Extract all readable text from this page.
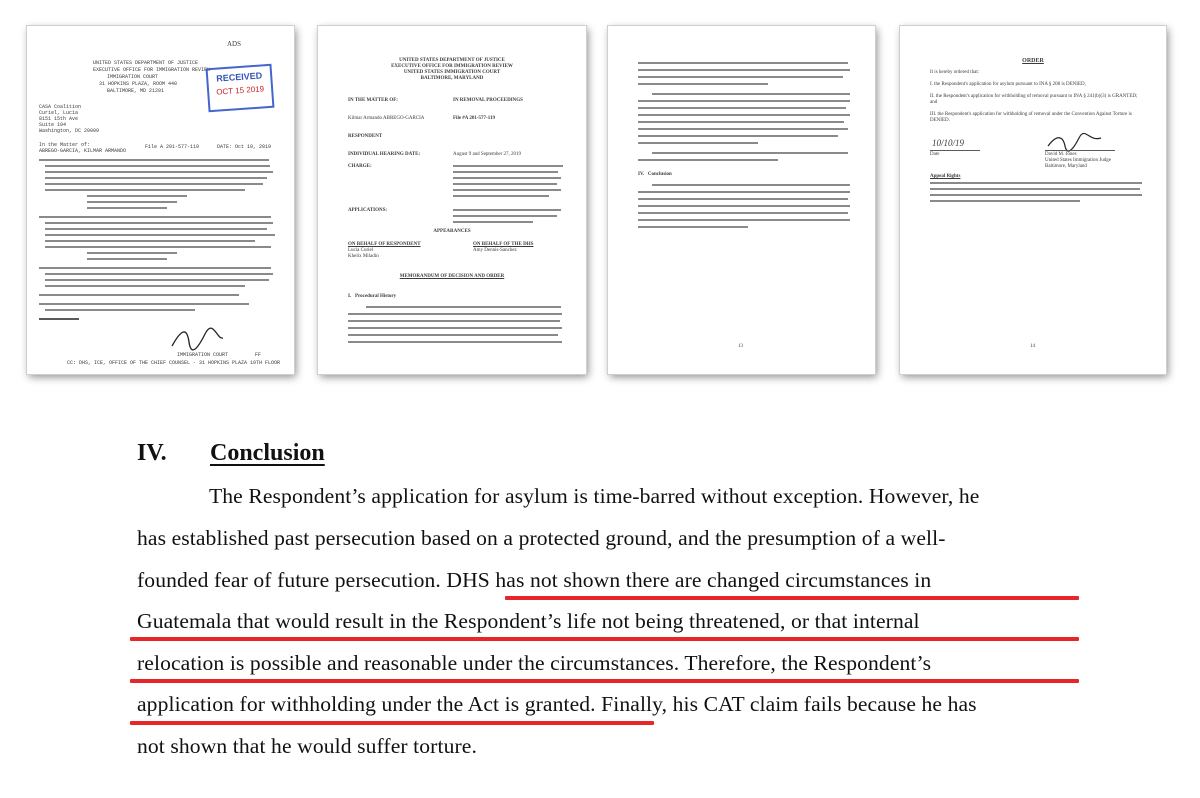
ADS
UNITED STATES DEPARTMENT OF JUSTICE
EXECUTIVE OFFICE FOR IMMIGRATION REVIEW
IMMIGRATION COURT
31 HOPKINS PLAZA, ROOM 440
BALTIMORE, MD 21201
RECEIVED
OCT 15 2019
CASA Coalition
Curiel, Lucia
8151 15th Ave
Suite 104
Washington, DC 20009
In the Matter of:
ABREGO-GARCIA, KILMAR ARMANDO
File A 201-577-119	DATE: Oct 10, 2019
IMMIGRATION COURT	FF
CC: DHS, ICE, OFFICE OF THE CHIEF COUNSEL · 31 HOPKINS PLAZA 10TH FLOOR
UNITED STATES DEPARTMENT OF JUSTICE
EXECUTIVE OFFICE FOR IMMIGRATION REVIEW
UNITED STATES IMMIGRATION COURT
BALTIMORE, MARYLAND
IN THE MATTER OF:	IN REMOVAL PROCEEDINGS
Kilmar Armando ABREGO-GARCIA	File #A 201-577-119
RESPONDENT
INDIVIDUAL HEARING DATE:	August 9 and September 27, 2019
CHARGE:
APPLICATIONS:
APPEARANCES
ON BEHALF OF RESPONDENT
Lucia Curiel
Khelix Miladin
ON BEHALF OF THE DHS
Amy Dennis-Sanchez
MEMORANDUM OF DECISION AND ORDER
I.   Procedural History
IV.   Conclusion
13
ORDER
It is hereby ordered that:
I. the Respondent's application for asylum pursuant to INA § 208 is DENIED,
II. the Respondent's application for withholding of removal pursuant to INA § 241(b)(3) is GRANTED; and
III. the Respondent's application for withholding of removal under the Convention Against Torture is DENIED.
10/10/19
Date	David M. Jones
United States Immigration Judge
Baltimore, Maryland
Appeal Rights
14
IV. Conclusion
The Respondent’s application for asylum is time-barred without exception. However, he
has established past persecution based on a protected ground, and the presumption of a well-
founded fear of future persecution. DHS has not shown there are changed circumstances in
Guatemala that would result in the Respondent’s life not being threatened, or that internal
relocation is possible and reasonable under the circumstances. Therefore, the Respondent’s
application for withholding under the Act is granted. Finally, his CAT claim fails because he has
not shown that he would suffer torture.
